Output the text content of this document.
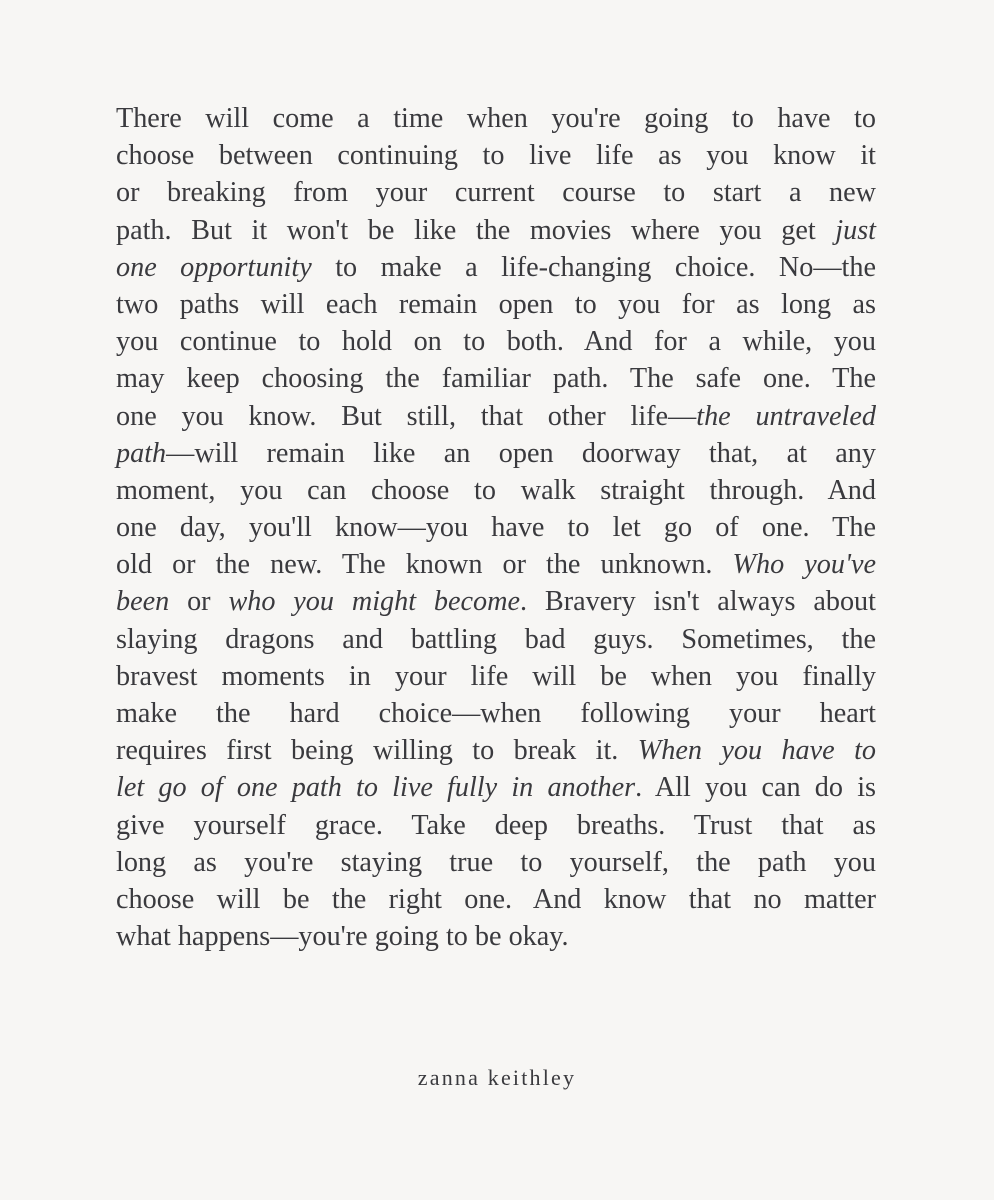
There will come a time when you're going to have to
choose between continuing to live life as you know it
or breaking from your current course to start a new
path. But it won't be like the movies where you get just
one opportunity to make a life-changing choice. No—the
two paths will each remain open to you for as long as
you continue to hold on to both. And for a while, you
may keep choosing the familiar path. The safe one. The
one you know. But still, that other life—the untraveled
path—will remain like an open doorway that, at any
moment, you can choose to walk straight through. And
one day, you'll know—you have to let go of one. The
old or the new. The known or the unknown. Who you've
been or who you might become. Bravery isn't always about
slaying dragons and battling bad guys. Sometimes, the
bravest moments in your life will be when you finally
make the hard choice—when following your heart
requires first being willing to break it. When you have to
let go of one path to live fully in another. All you can do is
give yourself grace. Take deep breaths. Trust that as
long as you're staying true to yourself, the path you
choose will be the right one. And know that no matter
what happens—you're going to be okay.
zanna keithley
